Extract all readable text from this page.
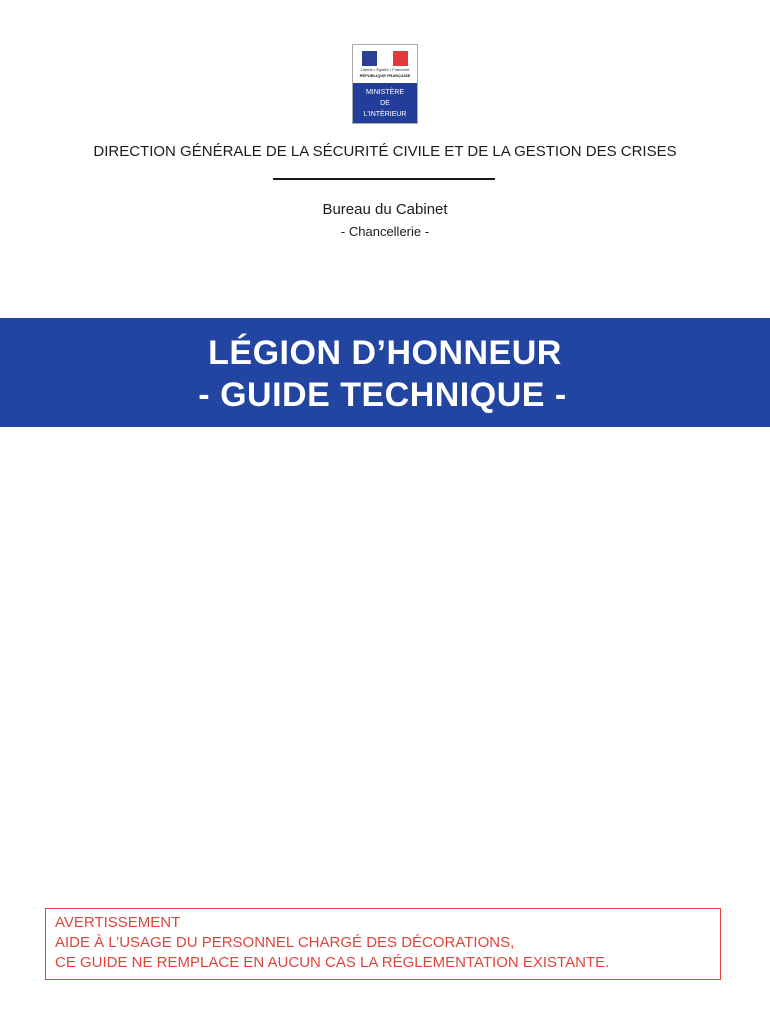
Liberté • Égalité • Fraternité
RÉPUBLIQUE FRANÇAISE
MINISTÈRE
DE
L'INTÉRIEUR
DIRECTION GÉNÉRALE DE LA SÉCURITÉ CIVILE ET DE LA GESTION DES CRISES
Bureau du Cabinet
- Chancellerie -
LÉGION D’HONNEUR
- GUIDE TECHNIQUE -
AVERTISSEMENT
AIDE À L’USAGE DU PERSONNEL CHARGÉ DES DÉCORATIONS,
CE GUIDE NE REMPLACE EN AUCUN CAS LA RÉGLEMENTATION EXISTANTE.
